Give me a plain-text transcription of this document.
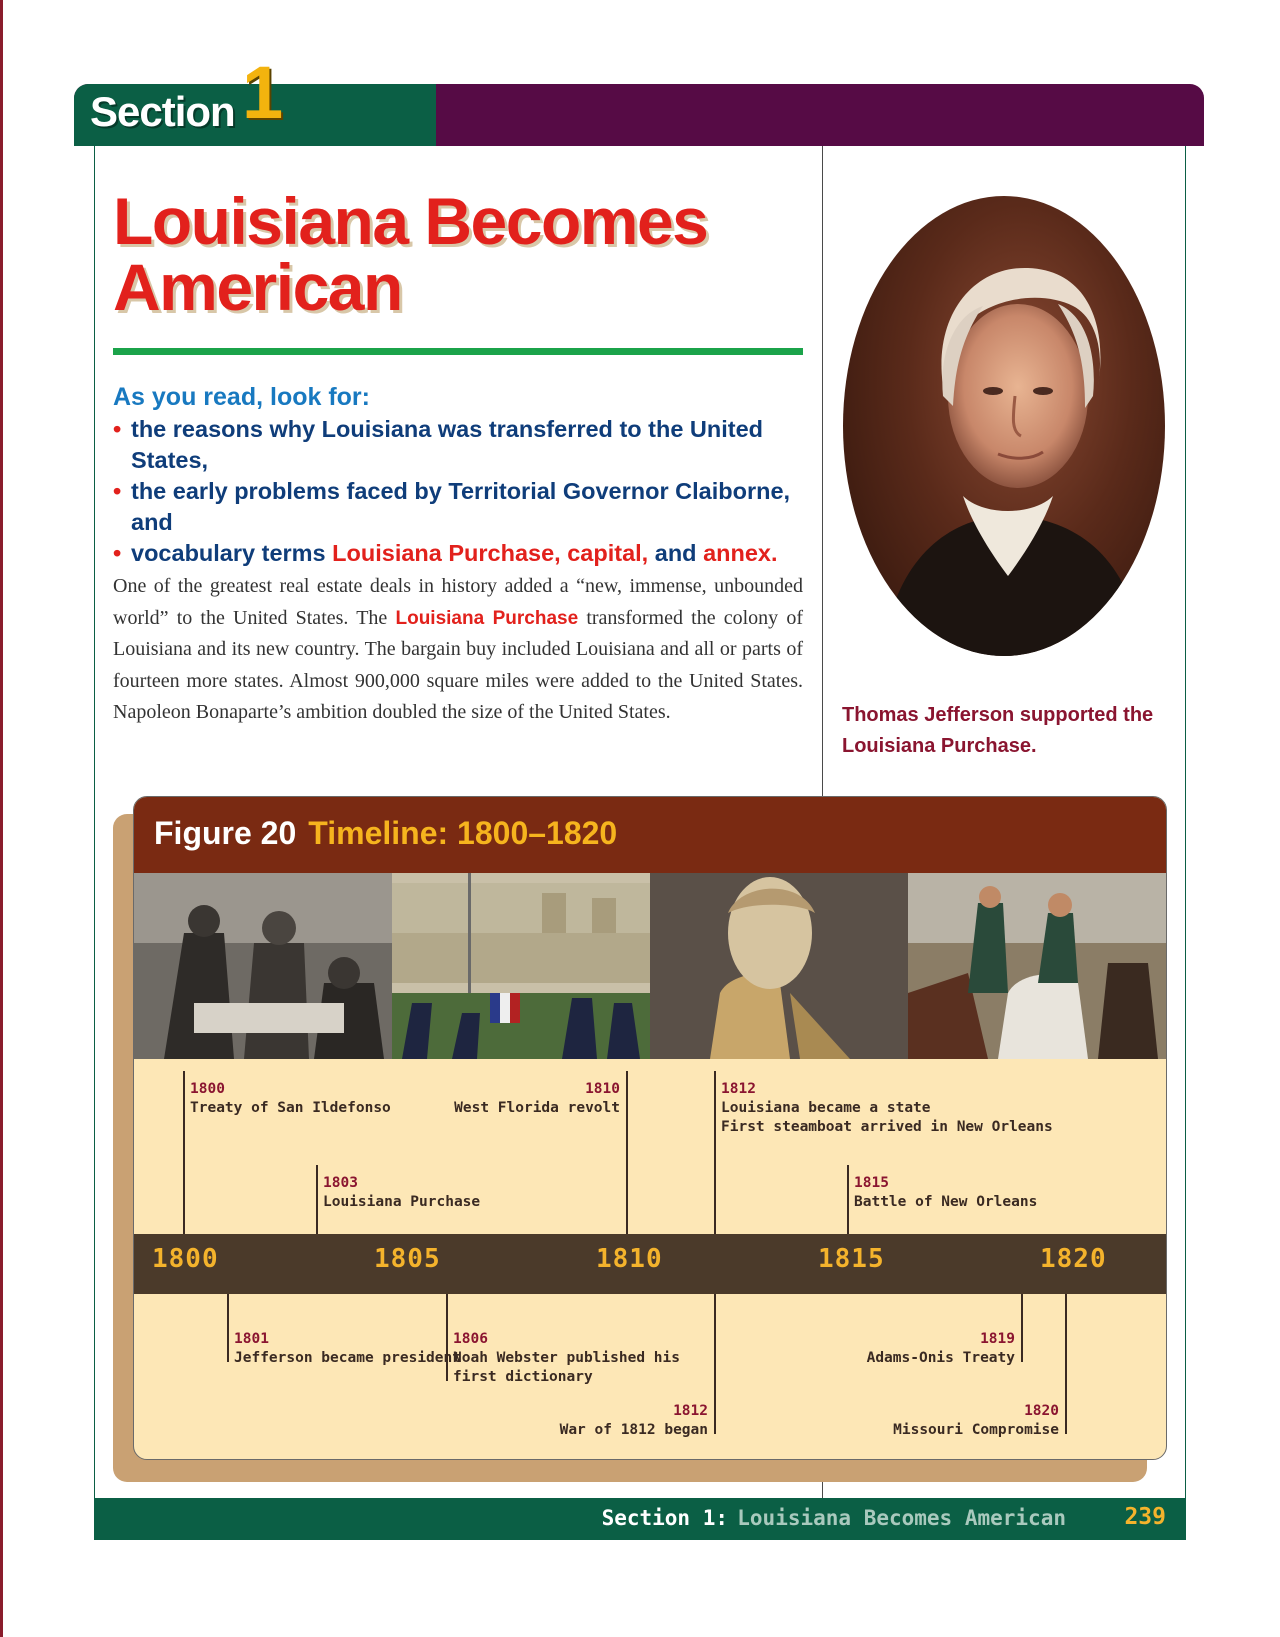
Section 1
Louisiana Becomes
American
As you read, look for:
• the reasons why Louisiana was transferred to the United States,
• the early problems faced by Territorial Governor Claiborne, and
• vocabulary terms Louisiana Purchase, capital, and annex.
One of the greatest real estate deals in history added a “new, immense, unbounded world” to the United States. The Louisiana Purchase transformed the colony of Louisiana and its new country. The bargain buy included Louisiana and all or parts of fourteen more states. Almost 900,000 square miles were added to the United States. Napoleon Bonaparte’s ambition doubled the size of the United States.	Thomas Jefferson supported the Louisiana Purchase.
Figure 20 Timeline: 1800–1820
1800
Treaty of San Ildefonso
1803
Louisiana Purchase
1810
West Florida revolt
1812
Louisiana became a state
First steamboat arrived in New Orleans
1815
Battle of New Orleans
1800	1805	1810	1815	1820
1801
Jefferson became president
1806
Noah Webster published his
first dictionary
1812
War of 1812 began
1819
Adams-Onis Treaty
1820
Missouri Compromise
Section 1: Louisiana Becomes American	239
